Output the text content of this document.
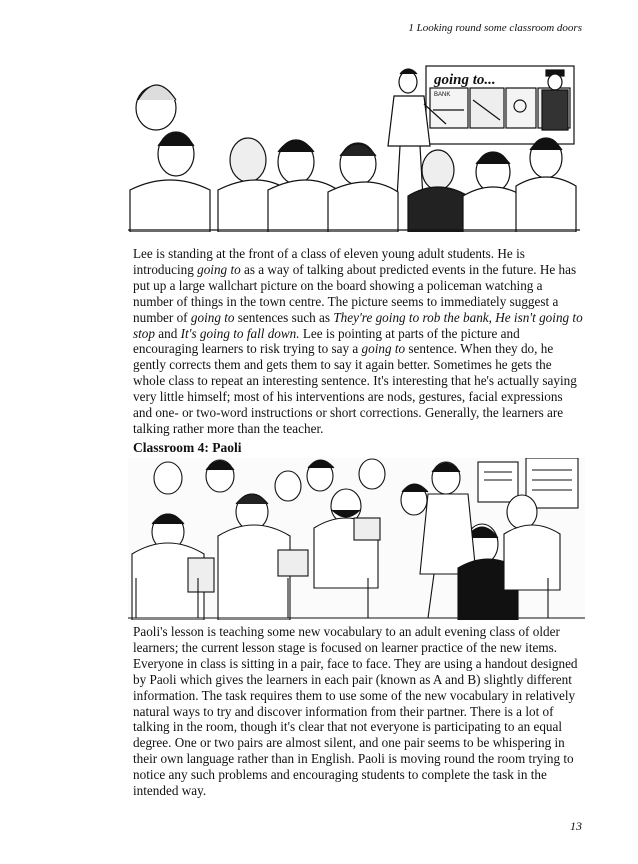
1 Looking round some classroom doors
going to...
BANK
Lee is standing at the front of a class of eleven young adult students. He is introducing going to as a way of talking about predicted events in the future. He has put up a large wallchart picture on the board showing a policeman watching a number of things in the town centre. The picture seems to immediately suggest a number of going to sentences such as They're going to rob the bank, He isn't going to stop and It's going to fall down. Lee is pointing at parts of the picture and encouraging learners to risk trying to say a going to sentence. When they do, he gently corrects them and gets them to say it again better. Sometimes he gets the whole class to repeat an interesting sentence. It's interesting that he's actually saying very little himself; most of his interventions are nods, gestures, facial expressions and one- or two-word instructions or short corrections. Generally, the learners are talking rather more than the teacher.
Classroom 4: Paoli
Paoli's lesson is teaching some new vocabulary to an adult evening class of older learners; the current lesson stage is focused on learner practice of the new items. Everyone in class is sitting in a pair, face to face. They are using a handout designed by Paoli which gives the learners in each pair (known as A and B) slightly different information. The task requires them to use some of the new vocabulary in relatively natural ways to try and discover information from their partner. There is a lot of talking in the room, though it's clear that not everyone is participating to an equal degree. One or two pairs are almost silent, and one pair seems to be whispering in their own language rather than in English. Paoli is moving round the room trying to notice any such problems and encouraging students to complete the task in the intended way.
13
